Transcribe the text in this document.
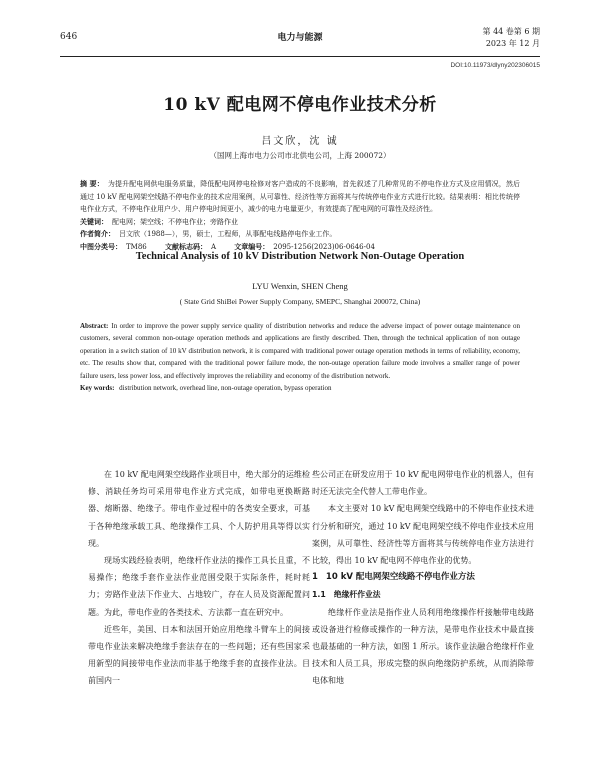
646	电力与能源
第 44 卷第 6 期
2023 年 12 月
DOI:10.11973/dlyny202306015
10 kV 配电网不停电作业技术分析
吕文欣，沈 诚
（国网上海市电力公司市北供电公司，上海 200072）

摘 要： 为提升配电网供电服务质量，降低配电网停电检修对客户造成的不良影响，首先叙述了几种常见的不停电作业方式及应用情况，然后通过 10 kV 配电网架空线路不停电作业的技术应用案例，从可靠性、经济性等方面将其与传统停电作业方式进行比较。结果表明：相比传统停电作业方式，不停电作业用户少、用户停电时间更小，减少的电力电量更少，有效提高了配电网的可靠性及经济性。

关键词： 配电网；架空线；不停电作业；旁路作业

作者简介： 吕文欣（1988—），男，硕士，工程师，从事配电线路停电作业工作。

中图分类号： TM86	文献标志码： A	文章编号： 2095-1256(2023)06-0646-04

Technical Analysis of 10 kV Distribution Network Non-Outage Operation
LYU Wenxin, SHEN Cheng
( State Grid ShiBei Power Supply Company, SMEPC, Shanghai 200072, China)

Abstract: In order to improve the power supply service quality of distribution networks and reduce the adverse impact of power outage maintenance on customers, several common non-outage operation methods and applications are firstly described. Then, through the technical application of non outage operation in a switch station of 10 kV distribution network, it is compared with traditional power outage operation methods in terms of reliability, economy, etc. The results show that, compared with the traditional power failure mode, the non-outage operation failure mode involves a smaller range of power failure users, less power loss, and effectively improves the reliability and economy of the distribution network.

Key words: distribution network, overhead line, non-outage operation, bypass operation

在 10 kV 配电网架空线路作业项目中，绝大部分的运维检修、消缺任务均可采用带电作业方式完成，如带电更换断路器、熔断器、绝缘子。带电作业过程中的各类安全要求，可基于各种绝缘承载工具、绝缘操作工具、个人防护用具等得以实现。

现场实践经验表明，绝缘杆作业法的操作工具长且重，不易操作；绝缘手套作业法作业范围受限于实际条件，耗时耗力；旁路作业法下作业大、占地较广，存在人员及资源配置问题。为此，带电作业的各类技术、方法都一直在研究中。

近些年，美国、日本和法国开始应用绝缘斗臂车上的间接带电作业法来解决绝缘手套法存在的一些问题；还有些国家采用新型的间接带电作业法而非基于绝缘手套的直接作业法。目前国内一

些公司正在研发应用于 10 kV 配电网带电作业的机器人，但有时还无法完全代替人工带电作业。

本文主要对 10 kV 配电网架空线路中的不停电作业技术进行分析和研究，通过 10 kV 配电网架空线不停电作业技术应用案例，从可靠性、经济性等方面将其与传统停电作业方法进行比较，得出 10 kV 配电网不停电作业的优势。

1 10 kV 配电网架空线路不停电作业方法

1.1 绝缘杆作业法

绝缘杆作业法是指作业人员利用绝缘操作杆接触带电线路或设备进行检修或操作的一种方法，是带电作业技术中最直接也最基础的一种方法，如图 1 所示。该作业法融合绝缘杆作业技术和人员工具，形成完整的纵向绝缘防护系统，从而消除带电体和地
